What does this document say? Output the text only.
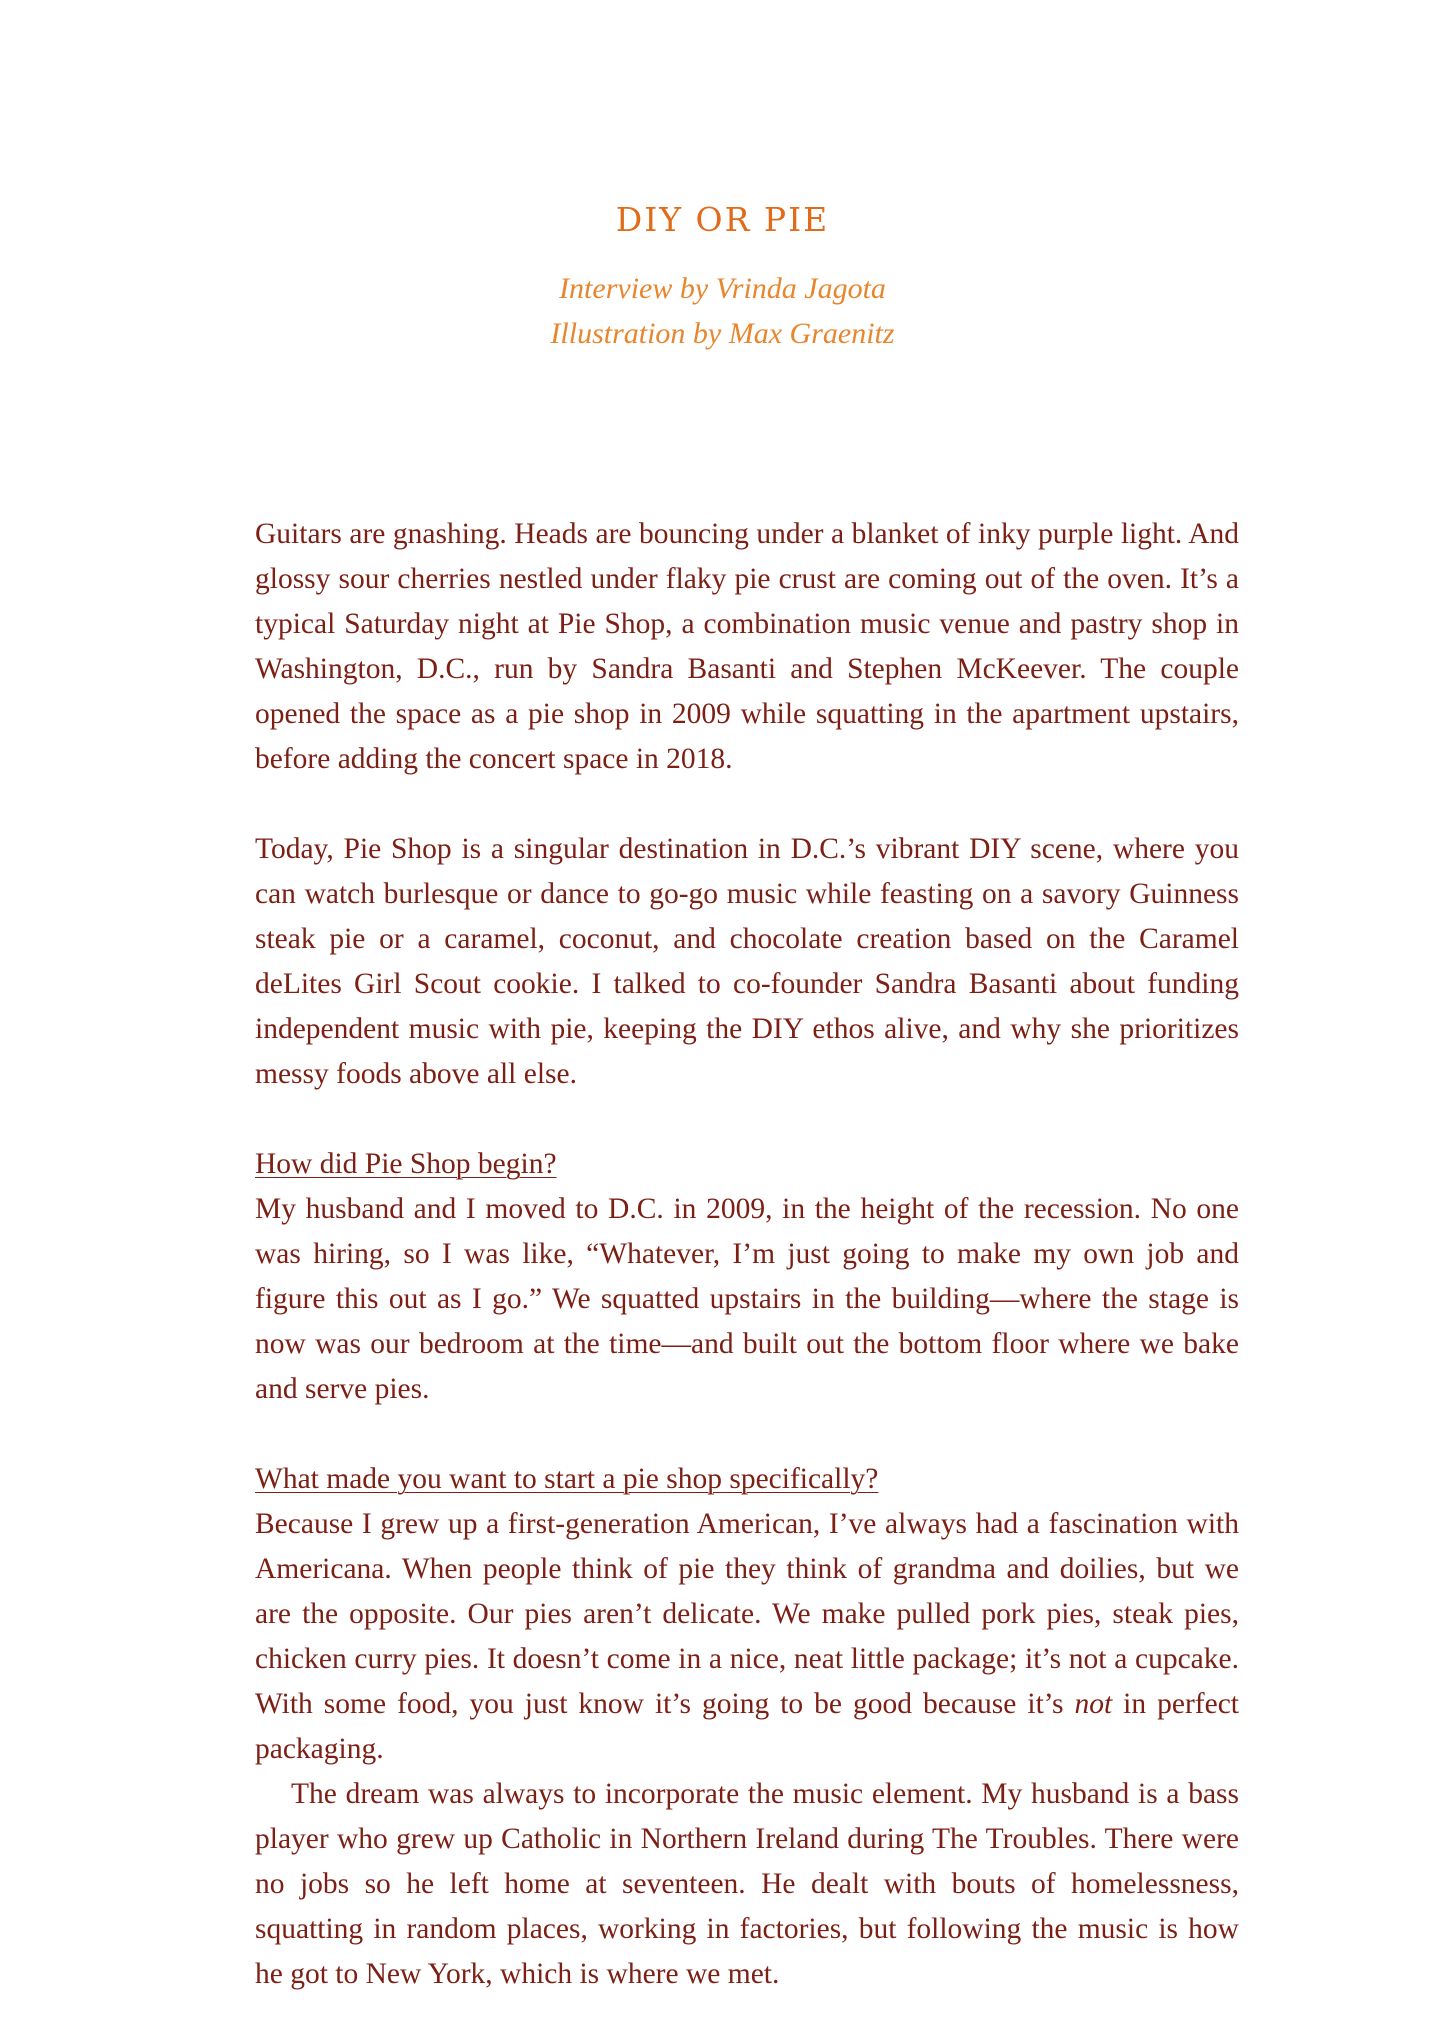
DIY OR PIE

Interview by Vrinda Jagota

Illustration by Max Graenitz

Guitars are gnashing. Heads are bouncing under a blanket of inky purple light. And glossy sour cherries nestled under flaky pie crust are coming out of the oven. It’s a typical Saturday night at Pie Shop, a combination music venue and pastry shop in Washington, D.C., run by Sandra Basanti and Stephen McKeever. The couple opened the space as a pie shop in 2009 while squatting in the apartment upstairs, before adding the concert space in 2018.

Today, Pie Shop is a singular destination in D.C.’s vibrant DIY scene, where you can watch burlesque or dance to go-go music while feasting on a savory Guinness steak pie or a caramel, coconut, and chocolate creation based on the Caramel deLites Girl Scout cookie. I talked to co-founder Sandra Basanti about funding independent music with pie, keeping the DIY ethos alive, and why she prioritizes messy foods above all else.

How did Pie Shop begin?

My husband and I moved to D.C. in 2009, in the height of the recession. No one was hiring, so I was like, “Whatever, I’m just going to make my own job and figure this out as I go.” We squatted upstairs in the building—where the stage is now was our bedroom at the time—and built out the bottom floor where we bake and serve pies.

What made you want to start a pie shop specifically?

Because I grew up a first-generation American, I’ve always had a fascination with Americana. When people think of pie they think of grandma and doilies, but we are the opposite. Our pies aren’t delicate. We make pulled pork pies, steak pies, chicken curry pies. It doesn’t come in a nice, neat little package; it’s not a cupcake. With some food, you just know it’s going to be good because it’s not in perfect packaging.

The dream was always to incorporate the music element. My husband is a bass player who grew up Catholic in Northern Ireland during The Troubles. There were no jobs so he left home at seventeen. He dealt with bouts of homelessness, squatting in random places, working in factories, but following the music is how he got to New York, which is where we met.
